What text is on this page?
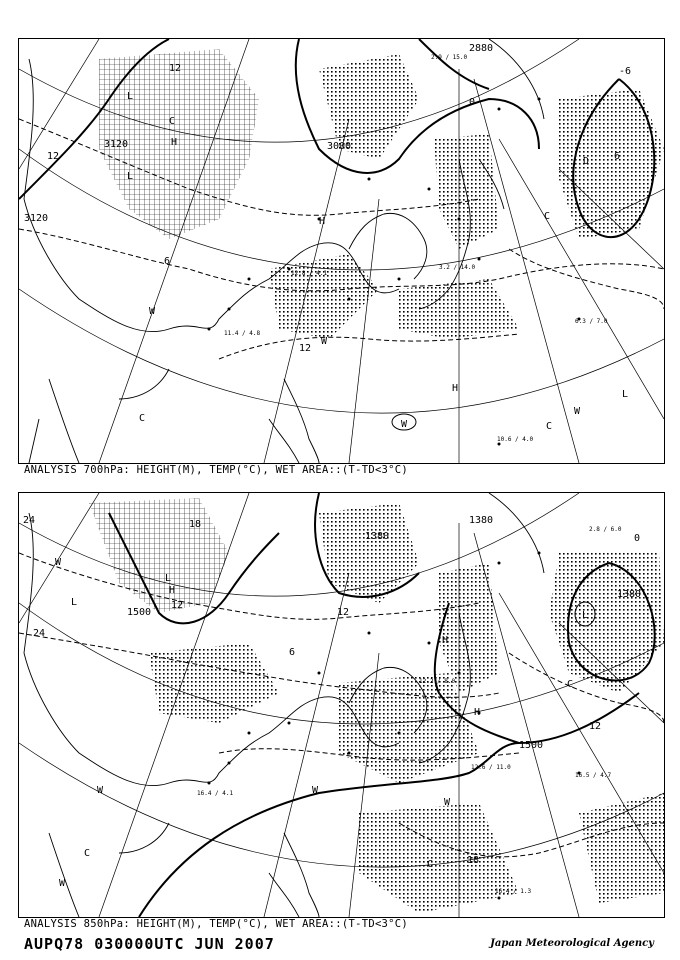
3120
3120
3000
2880
12
12
12
-6
6
0
6
L
L
L
H
H
H
W
W
W
W
C
C
C
C
D
10.6 / 4.0
6.3 / 7.0
2.9 / 15.0
11.4 / 4.8
3.2 / 14.0
12.8 / 4.1
ANALYSIS 700hPa: HEIGHT(M), TEMP(°C), WET AREA::(T-TD<3°C)
1500
1500
1380
1380
1380
24
24
18
18
12
12
12
0
6
L
L
L
H
H
H
W
W
W
W
W
C
C
C
16.4 / 1.3
16.5 / 4.7
12.6 / 11.0
2.8 / 6.0
16.4 / 4.1
12.2 / 8.0
ANALYSIS 850hPa: HEIGHT(M), TEMP(°C), WET AREA::(T-TD<3°C)
AUPQ78 030000UTC JUN 2007	Japan Meteorological Agency
